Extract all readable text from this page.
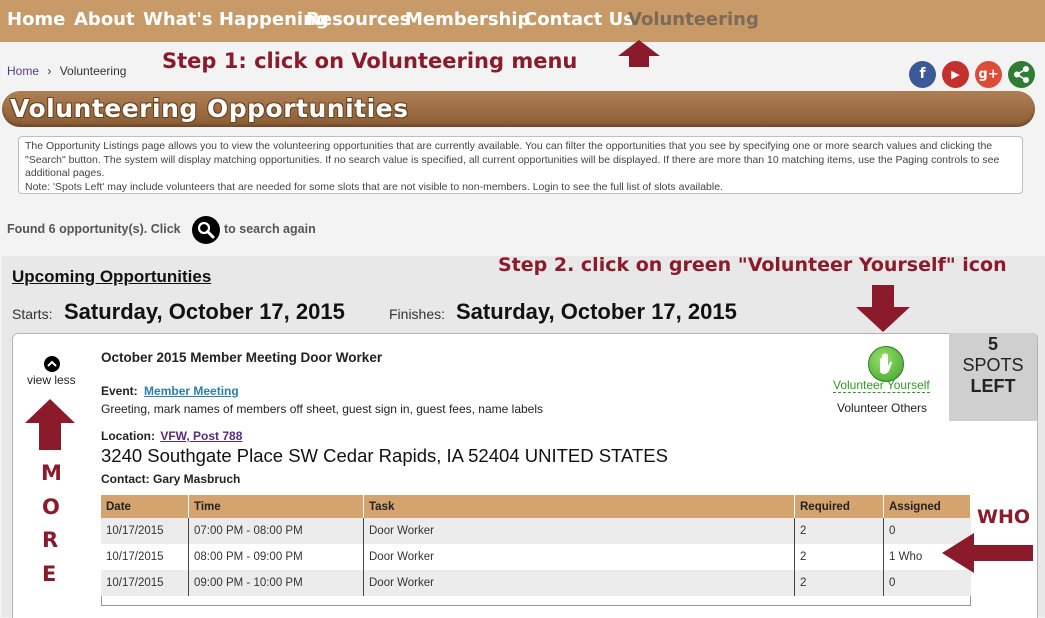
Home About What's Happening
Resources
Membership
Contact Us
Volunteering
Home › Volunteering Step 1: click on Volunteering menu
f	▶	g+
Volunteering Opportunities
The Opportunity Listings page allows you to view the volunteering opportunities that are currently available. You can filter the opportunities that you see by specifying one or more search values and clicking the "Search" button. The system will display matching opportunities. If no search value is specified, all current opportunities will be displayed. If there are more than 10 matching items, use the Paging controls to see additional pages.
Note: 'Spots Left' may include volunteers that are needed for some slots that are not visible to non-members. Login to see the full list of slots available.
Found 6 opportunity(s). Click	to search again
Upcoming Opportunities
Step 2. click on green "Volunteer Yourself" icon
Starts: Saturday, October 17, 2015	Finishes: Saturday, October 17, 2015
5
SPOTS
LEFT
view less
M
O
R
E
October 2015 Member Meeting Door Worker
Event: Member Meeting
Greeting, mark names of members off sheet, guest sign in, guest fees, name labels
Location: VFW, Post 788
3240 Southgate Place SW Cedar Rapids, IA 52404 UNITED STATES
Contact: Gary Masbruch
Volunteer Yourself
Volunteer Others
Date	Time	Task	Required	Assigned
10/17/2015	07:00 PM - 08:00 PM	Door Worker	2	0
10/17/2015	08:00 PM - 09:00 PM	Door Worker	2	1 Who
10/17/2015	09:00 PM - 10:00 PM	Door Worker	2	0
WHO
